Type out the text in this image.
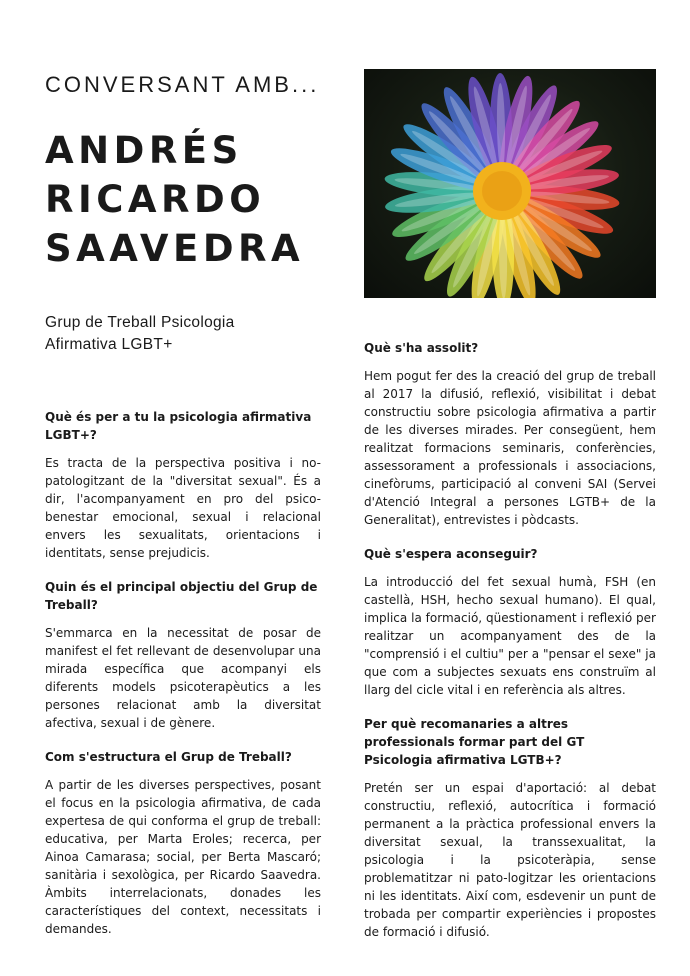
CONVERSANT AMB...
ANDRÉS
RICARDO
SAAVEDRA
Grup de Treball Psicologia
Afirmativa LGBT+

Què és per a tu la psicologia afirmativa LGBT+?

Es tracta de la perspectiva positiva i no-patologitzant de la "diversitat sexual". És a dir, l'acompanyament en pro del psico-benestar emocional, sexual i relacional envers les sexualitats, orientacions i identitats, sense prejudicis.

Quin és el principal objectiu del Grup de Treball?

S'emmarca en la necessitat de posar de manifest el fet rellevant de desenvolupar una mirada específica que acompanyi els diferents models psicoterapèutics a les persones relacionat amb la diversitat afectiva, sexual i de gènere.

Com s'estructura el Grup de Treball?

A partir de les diverses perspectives, posant el focus en la psicologia afirmativa, de cada expertesa de qui conforma el grup de treball: educativa, per Marta Eroles; recerca, per Ainoa Camarasa; social, per Berta Mascaró; sanitària i sexològica, per Ricardo Saavedra. Àmbits interrelacionats, donades les característiques del context, necessitats i demandes.

Què s'ha assolit?

Hem pogut fer des la creació del grup de treball al 2017 la difusió, reflexió, visibilitat i debat constructiu sobre psicologia afirmativa a partir de les diverses mirades. Per consegüent, hem realitzat formacions seminaris, conferències, assessorament a professionals i associacions, cinefòrums, participació al conveni SAI (Servei d'Atenció Integral a persones LGTB+ de la Generalitat), entrevistes i pòdcasts.

Què s'espera aconseguir?

La introducció del fet sexual humà, FSH (en castellà, HSH, hecho sexual humano). El qual, implica la formació, qüestionament i reflexió per realitzar un acompanyament des de la "comprensió i el cultiu" per a "pensar el sexe" ja que com a subjectes sexuats ens construïm al llarg del cicle vital i en referència als altres.

Per què recomanaries a altres professionals formar part del GT Psicologia afirmativa LGTB+?

Pretén ser un espai d'aportació: al debat constructiu, reflexió, autocrítica i formació permanent a la pràctica professional envers la diversitat sexual, la transsexualitat, la psicologia i la psicoteràpia, sense problematitzar ni pato-logitzar les orientacions ni les identitats. Així com, esdevenir un punt de trobada per compartir experiències i propostes de formació i difusió.
